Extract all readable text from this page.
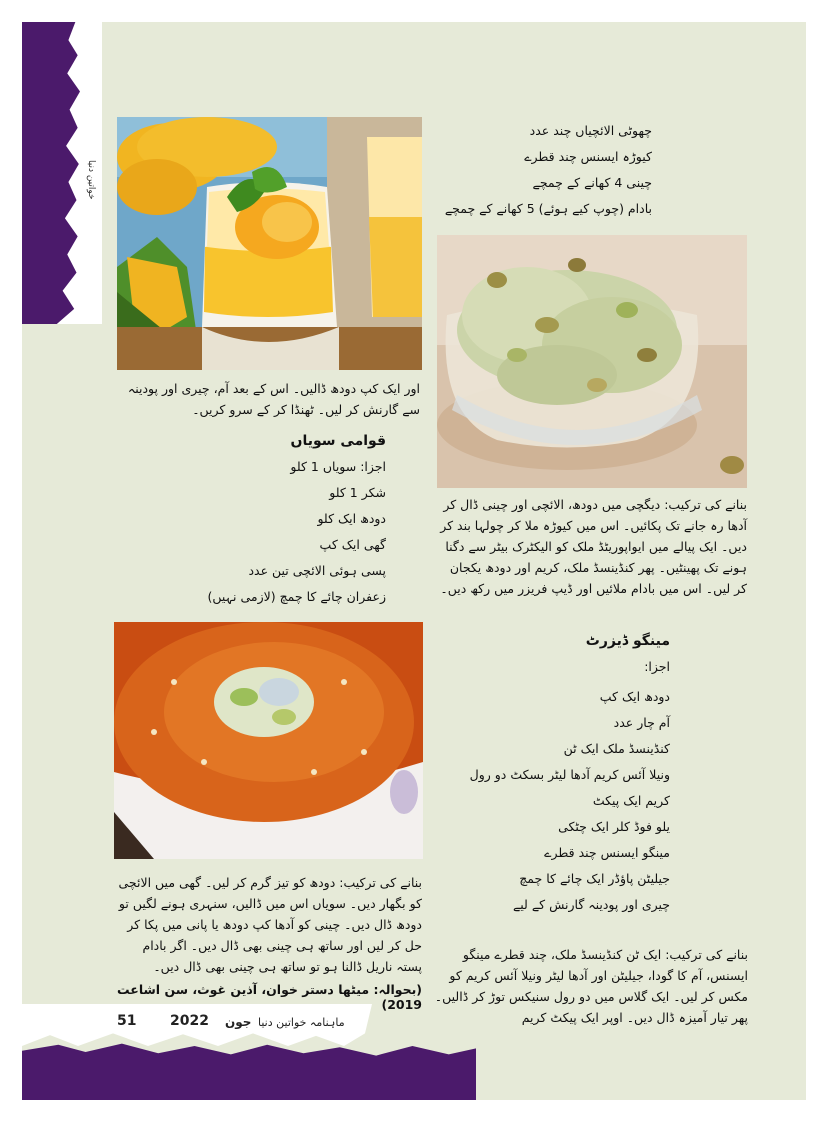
خواتین دنیا
چھوٹی الائچیاں چند عدد
کیوڑہ ایسنس چند قطرے
چینی 4 کھانے کے چمچے
بادام (چوپ کیے ہوئے) 5 کھانے کے چمچے
اور ایک کپ دودھ ڈالیں۔ اس کے بعد آم، چیری اور پودینہ سے گارنش کر لیں۔ ٹھنڈا کر کے سرو کریں۔
قوامی سویاں
اجزا: سویاں 1 کلو
شکر 1 کلو
دودھ ایک کلو
گھی ایک کپ
پسی ہوئی الائچی تین عدد
زعفران چائے کا چمچ (لازمی نہیں)
بنانے کی ترکیب: دیگچی میں دودھ، الائچی اور چینی ڈال کر آدھا رہ جانے تک پکائیں۔ اس میں کیوڑہ ملا کر چولہا بند کر دیں۔ ایک پیالے میں ایواپوریٹڈ ملک کو الیکٹرک بیٹر سے دگنا ہونے تک پھینٹیں۔ پھر کنڈینسڈ ملک، کریم اور دودھ یکجان کر لیں۔ اس میں بادام ملائیں اور ڈیپ فریزر میں رکھ دیں۔
مینگو ڈیزرٹ
اجزا:
دودھ ایک کپ
آم چار عدد
کنڈینسڈ ملک ایک ٹن
ونیلا آئس کریم آدھا لیٹر بسکٹ دو رول
کریم ایک پیکٹ
یلو فوڈ کلر ایک چٹکی
مینگو ایسنس چند قطرے
جیلیٹن پاؤڈر ایک چائے کا چمچ
چیری اور پودینہ گارنش کے لیے
بنانے کی ترکیب: دودھ کو تیز گرم کر لیں۔ گھی میں الائچی کو بگھار دیں۔ سویاں اس میں ڈالیں، سنہری ہونے لگیں تو دودھ ڈال دیں۔ چینی کو آدھا کپ دودھ یا پانی میں پکا کر حل کر لیں اور ساتھ ہی چینی بھی ڈال دیں۔ اگر بادام پستہ ناریل ڈالنا ہو تو ساتھ ہی چینی بھی ڈال دیں۔
(بحوالہ: میٹھا دستر خوان، آذین غوث، سن اشاعت 2019)
بنانے کی ترکیب: ایک ٹن کنڈینسڈ ملک، چند قطرے مینگو ایسنس، آم کا گودا، جیلیٹن اور آدھا لیٹر ونیلا آئس کریم کو مکس کر لیں۔ ایک گلاس میں دو رول سنیکس توڑ کر ڈالیں۔ پھر تیار آمیزہ ڈال دیں۔ اوپر ایک پیکٹ کریم
51 2022 جون ماہنامہ خواتین دنیا
